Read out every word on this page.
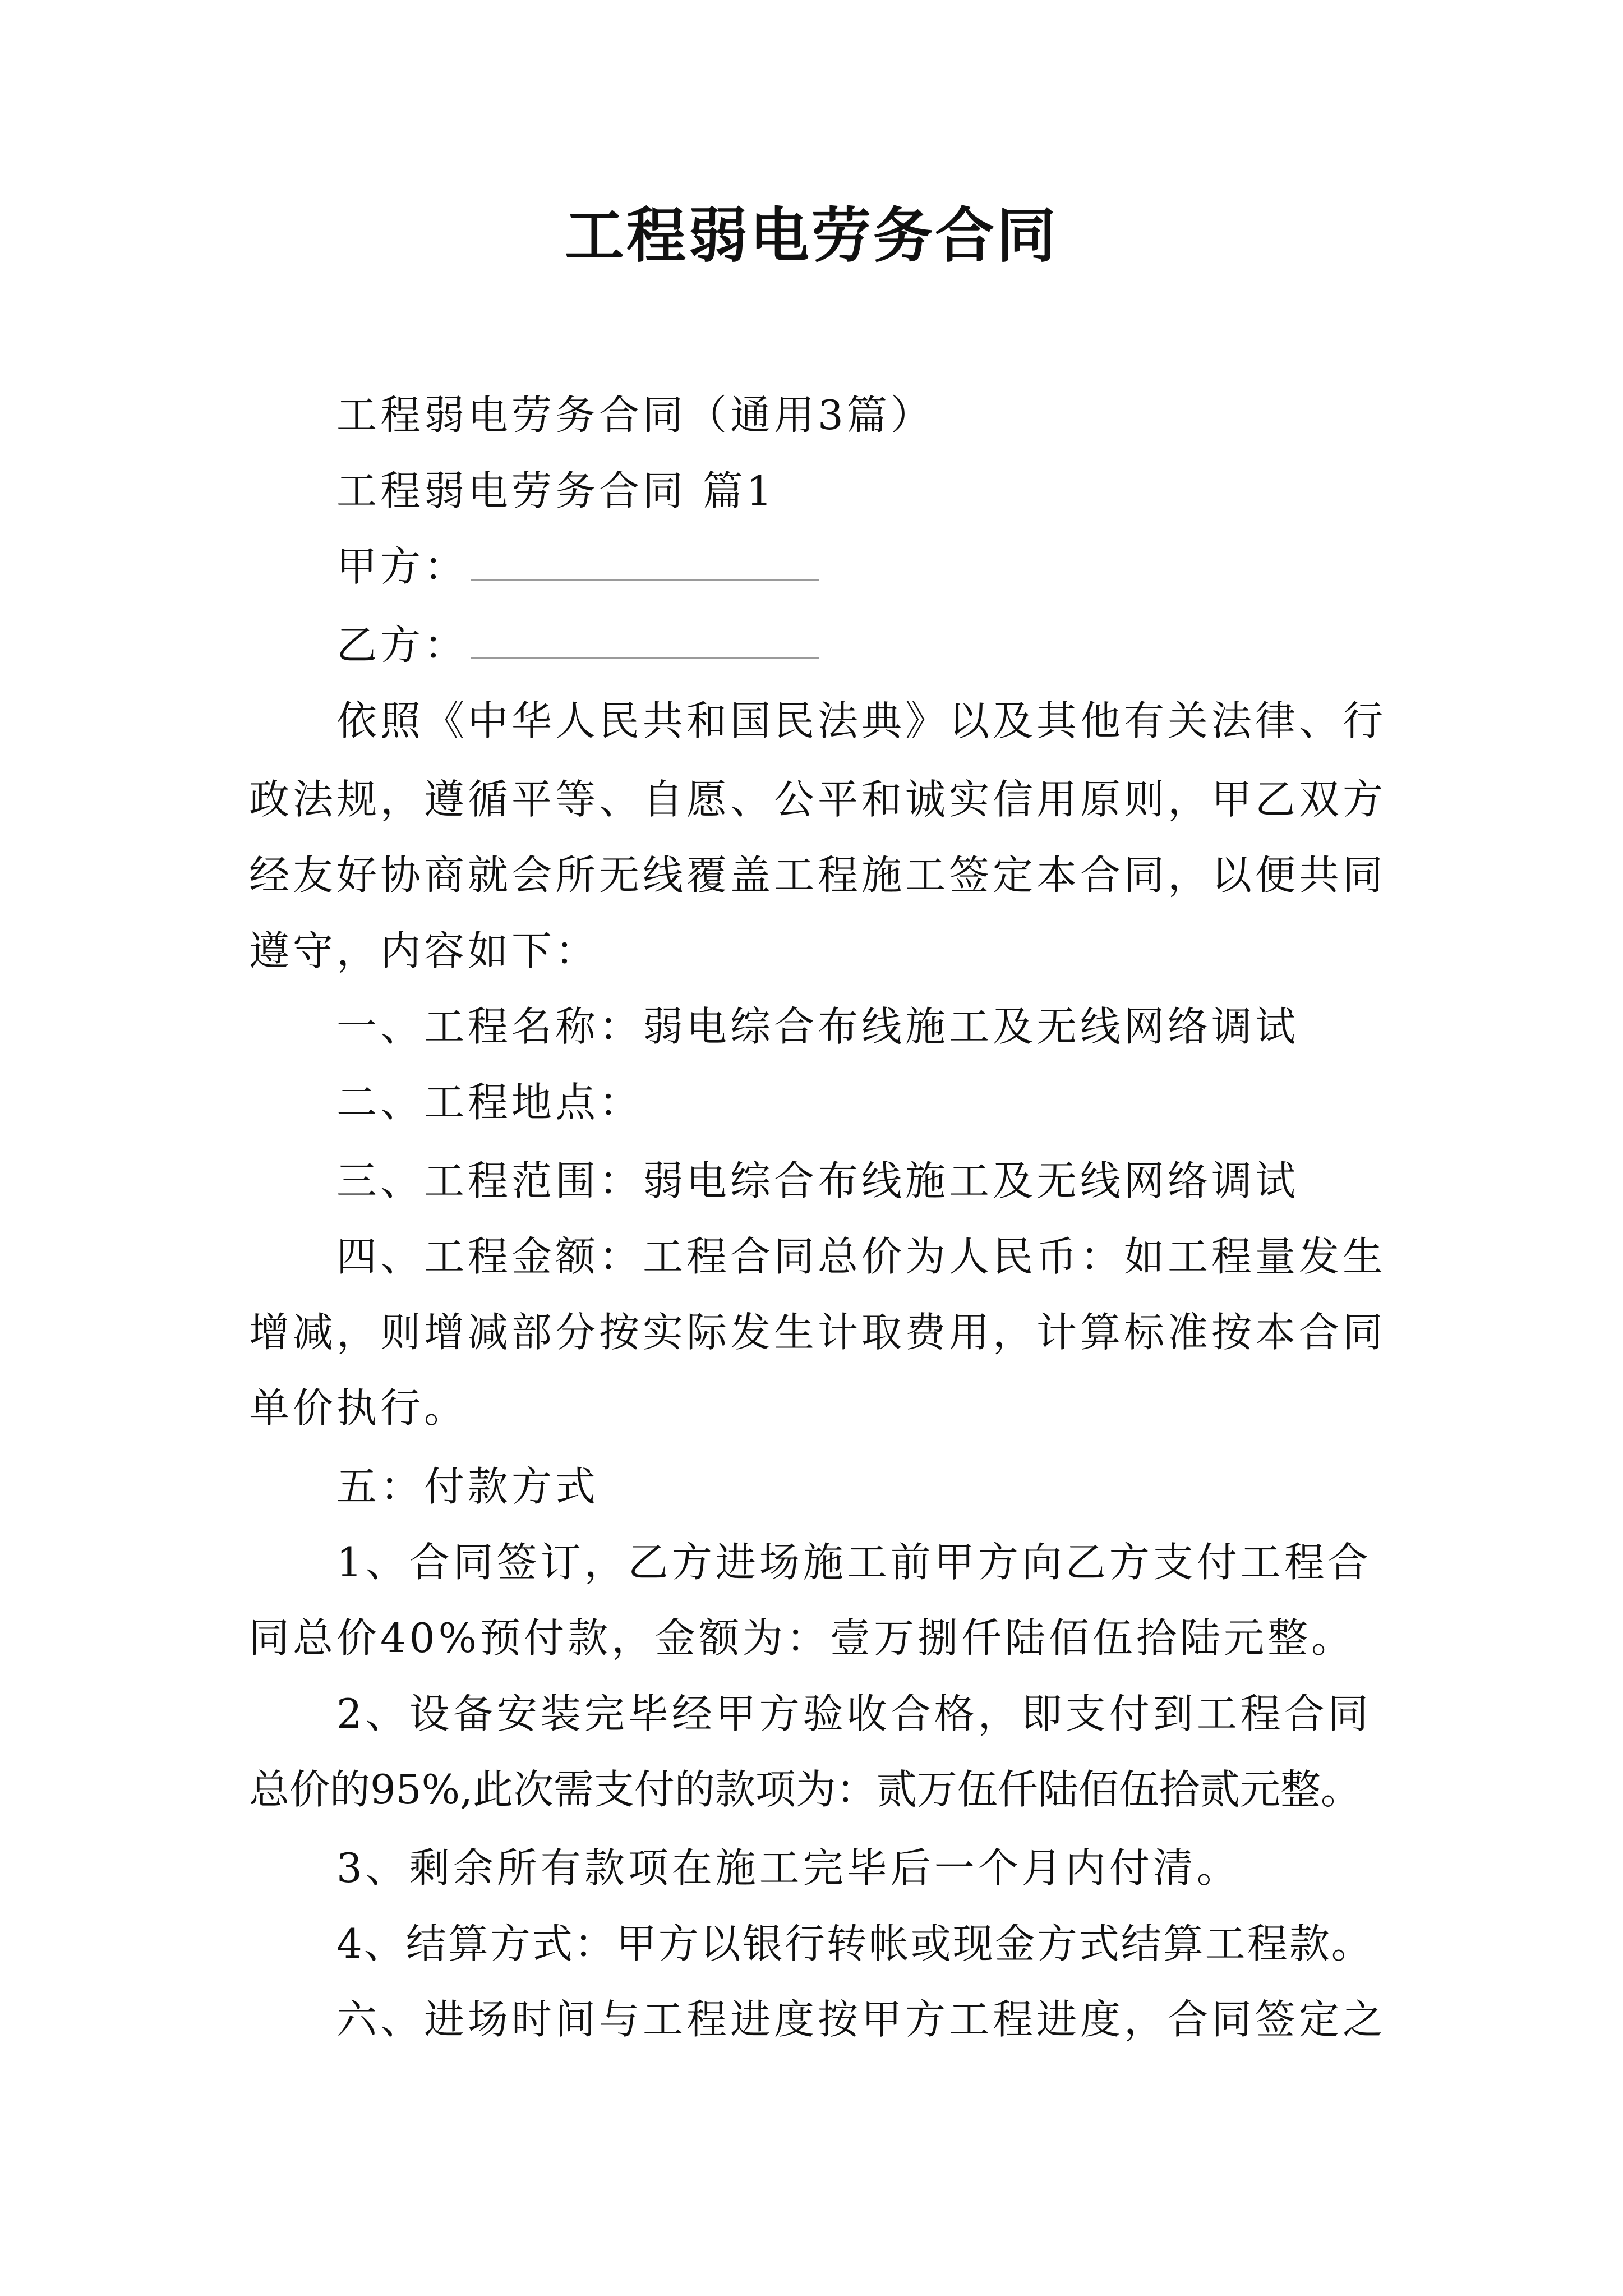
工程弱电劳务合同
工程弱电劳务合同（通用3篇）
工程弱电劳务合同 篇1
甲方：
乙方：
依照《中华人民共和国民法典》以及其他有关法律、行
政法规，遵循平等、自愿、公平和诚实信用原则，甲乙双方
经友好协商就会所无线覆盖工程施工签定本合同，以便共同
遵守，内容如下：
一、工程名称：弱电综合布线施工及无线网络调试
二、工程地点：
三、工程范围：弱电综合布线施工及无线网络调试
四、工程金额：工程合同总价为人民币：如工程量发生
增减，则增减部分按实际发生计取费用，计算标准按本合同
单价执行。
五：付款方式
1、合同签订，乙方进场施工前甲方向乙方支付工程合
同总价40%预付款，金额为：壹万捌仟陆佰伍拾陆元整。
2、设备安装完毕经甲方验收合格，即支付到工程合同
总价的95%,此次需支付的款项为：贰万伍仟陆佰伍拾贰元整。
3、剩余所有款项在施工完毕后一个月内付清。
4、结算方式：甲方以银行转帐或现金方式结算工程款。
六、进场时间与工程进度按甲方工程进度，合同签定之
